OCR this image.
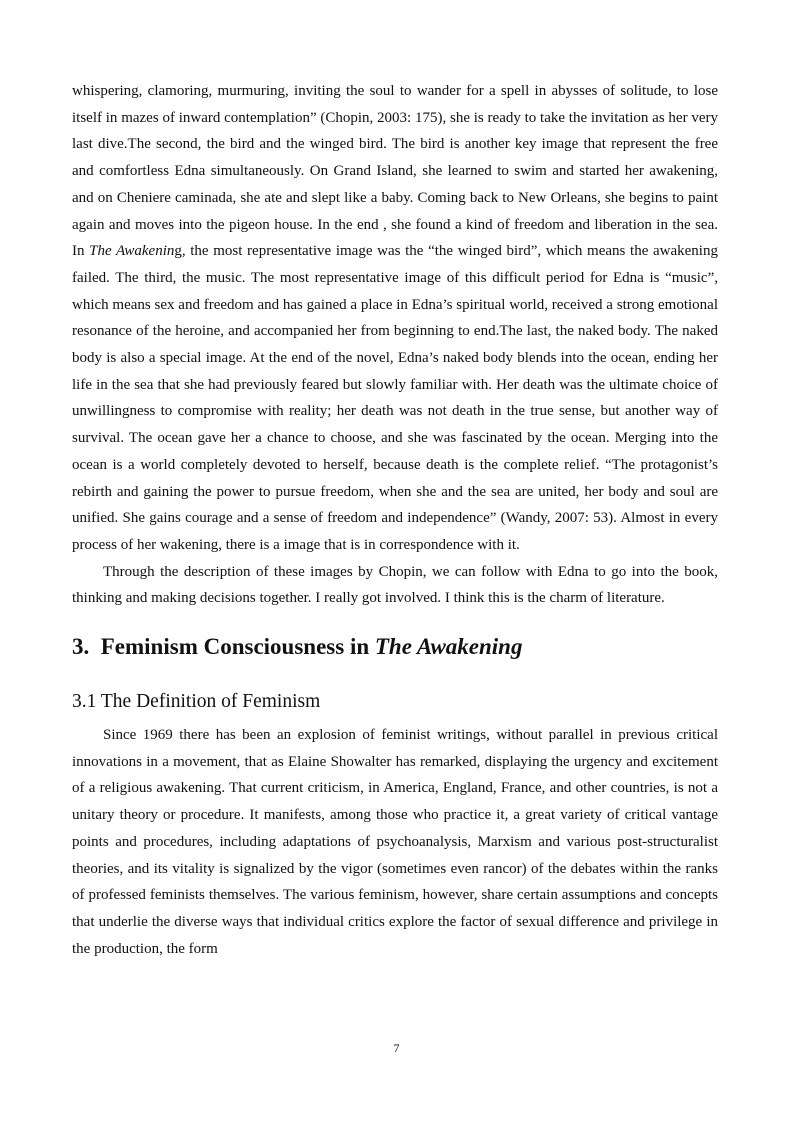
whispering, clamoring, murmuring, inviting the soul to wander for a spell in abysses of solitude, to lose itself in mazes of inward contemplation” (Chopin, 2003: 175), she is ready to take the invitation as her very last dive.The second, the bird and the winged bird. The bird is another key image that represent the free and comfortless Edna simultaneously. On Grand Island, she learned to swim and started her awakening, and on Cheniere caminada, she ate and slept like a baby. Coming back to New Orleans, she begins to paint again and moves into the pigeon house. In the end , she found a kind of freedom and liberation in the sea. In The Awakening, the most representative image was the “the winged bird”, which means the awakening failed. The third, the music. The most representative image of this difficult period for Edna is “music”, which means sex and freedom and has gained a place in Edna’s spiritual world, received a strong emotional resonance of the heroine, and accompanied her from beginning to end.The last, the naked body. The naked body is also a special image. At the end of the novel, Edna’s naked body blends into the ocean, ending her life in the sea that she had previously feared but slowly familiar with. Her death was the ultimate choice of unwillingness to compromise with reality; her death was not death in the true sense, but another way of survival. The ocean gave her a chance to choose, and she was fascinated by the ocean. Merging into the ocean is a world completely devoted to herself, because death is the complete relief. “The protagonist’s rebirth and gaining the power to pursue freedom, when she and the sea are united, her body and soul are unified. She gains courage and a sense of freedom and independence” (Wandy, 2007: 53). Almost in every process of her wakening, there is a image that is in correspondence with it.

Through the description of these images by Chopin, we can follow with Edna to go into the book, thinking and making decisions together. I really got involved. I think this is the charm of literature.

3.  Feminism Consciousness in The Awakening
3.1 The Definition of Feminism

Since 1969 there has been an explosion of feminist writings, without parallel in previous critical innovations in a movement, that as Elaine Showalter has remarked, displaying the urgency and excitement of a religious awakening. That current criticism, in America, England, France, and other countries, is not a unitary theory or procedure. It manifests, among those who practice it, a great variety of critical vantage points and procedures, including adaptations of psychoanalysis, Marxism and various post-structuralist theories, and its vitality is signalized by the vigor (sometimes even rancor) of the debates within the ranks of professed feminists themselves. The various feminism, however, share certain assumptions and concepts that underlie the diverse ways that individual critics explore the factor of sexual difference and privilege in the production, the form

7
